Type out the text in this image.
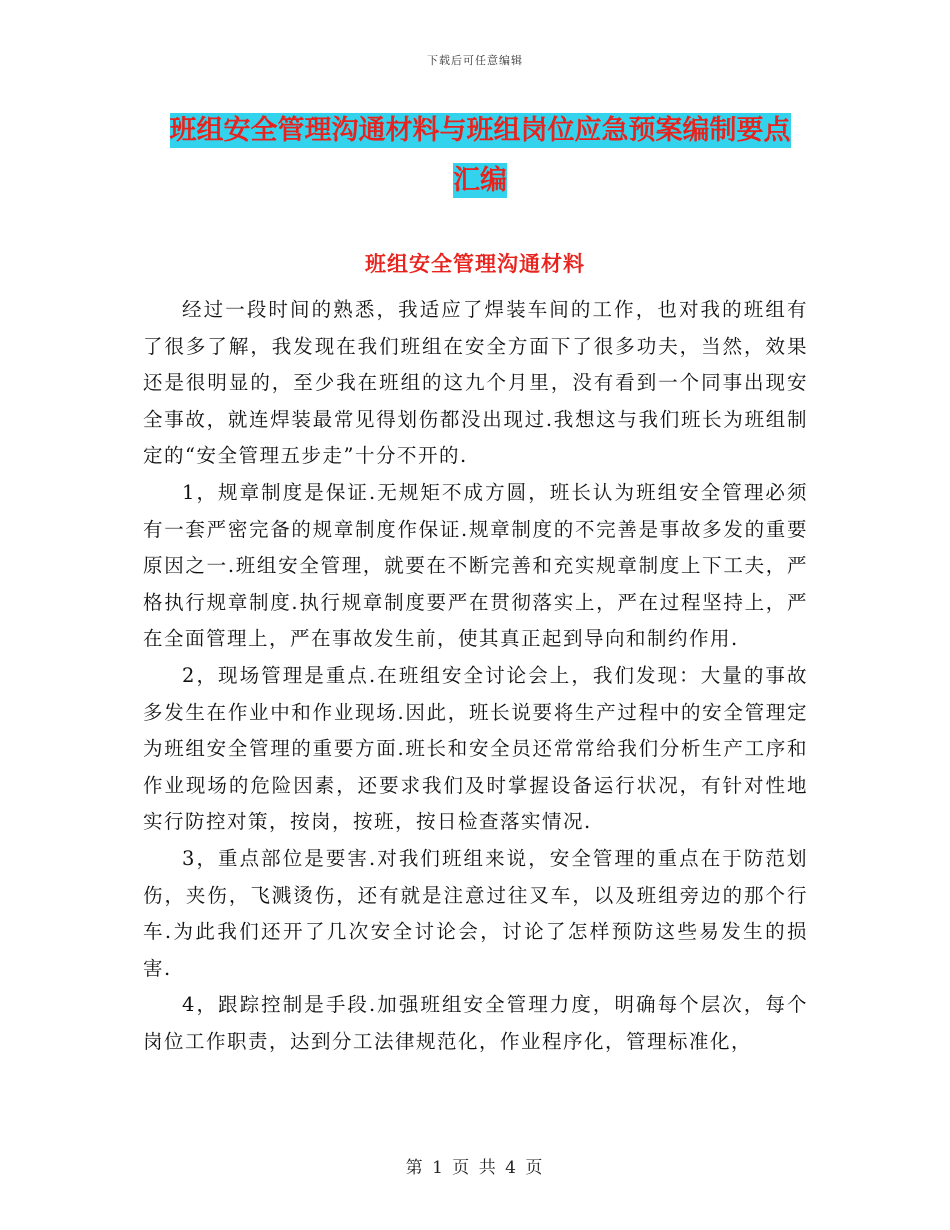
下载后可任意编辑
班组安全管理沟通材料与班组岗位应急预案编制要点
汇编
班组安全管理沟通材料

经过一段时间的熟悉，我适应了焊装车间的工作，也对我的班组有了很多了解，我发现在我们班组在安全方面下了很多功夫，当然，效果还是很明显的，至少我在班组的这九个月里，没有看到一个同事出现安全事故，就连焊装最常见得划伤都没出现过.我想这与我们班长为班组制定的“安全管理五步走”十分不开的.

1，规章制度是保证.无规矩不成方圆，班长认为班组安全管理必须有一套严密完备的规章制度作保证.规章制度的不完善是事故多发的重要原因之一.班组安全管理，就要在不断完善和充实规章制度上下工夫，严格执行规章制度.执行规章制度要严在贯彻落实上，严在过程坚持上，严在全面管理上，严在事故发生前，使其真正起到导向和制约作用.

2，现场管理是重点.在班组安全讨论会上，我们发现：大量的事故多发生在作业中和作业现场.因此，班长说要将生产过程中的安全管理定为班组安全管理的重要方面.班长和安全员还常常给我们分析生产工序和作业现场的危险因素，还要求我们及时掌握设备运行状况，有针对性地实行防控对策，按岗，按班，按日检查落实情况.

3，重点部位是要害.对我们班组来说，安全管理的重点在于防范划伤，夹伤，飞溅烫伤，还有就是注意过往叉车，以及班组旁边的那个行车.为此我们还开了几次安全讨论会，讨论了怎样预防这些易发生的损害.

4，跟踪控制是手段.加强班组安全管理力度，明确每个层次，每个岗位工作职责，达到分工法律规范化，作业程序化，管理标准化，

第 1 页 共 4 页
